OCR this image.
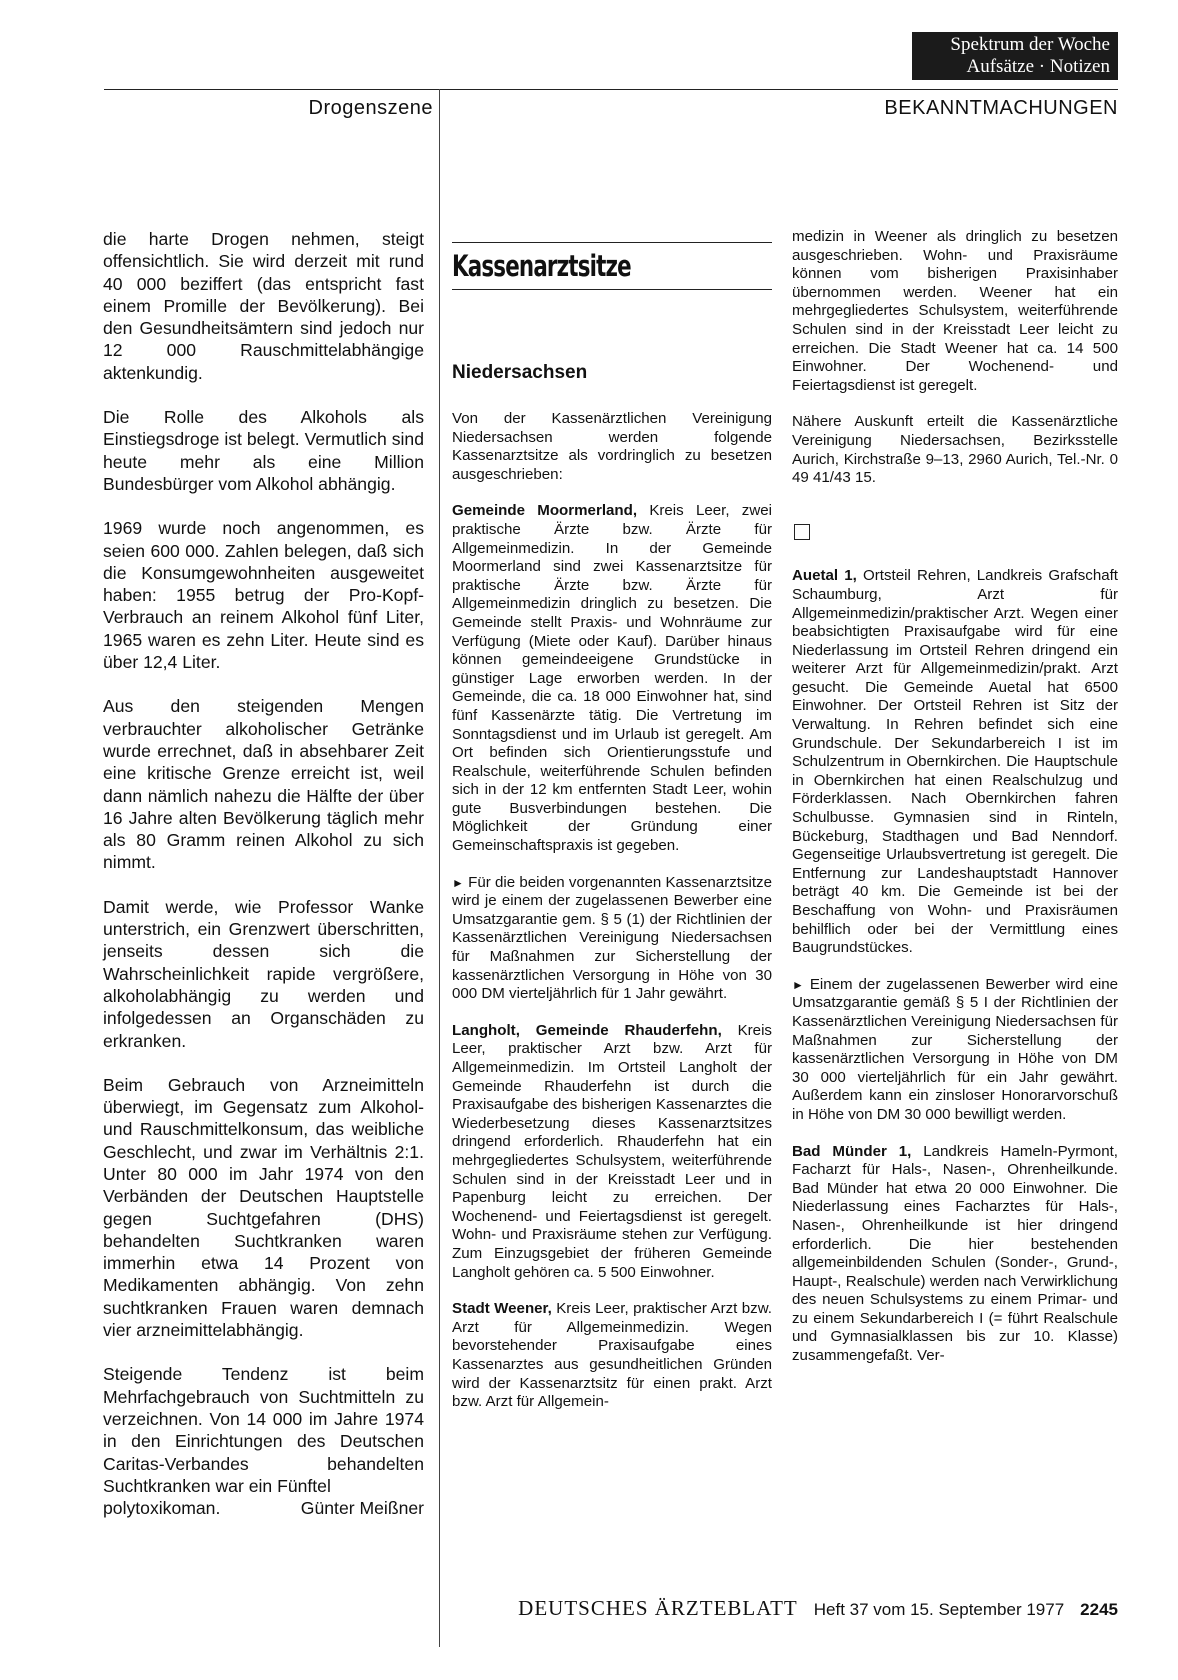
Spektrum der Woche
Aufsätze · Notizen
Drogenszene	BEKANNTMACHUNGEN

die harte Drogen nehmen, steigt offensichtlich. Sie wird derzeit mit rund 40 000 beziffert (das entspricht fast einem Promille der Bevölkerung). Bei den Gesundheitsämtern sind jedoch nur 12 000 Rauschmittelabhängige aktenkundig.

Die Rolle des Alkohols als Einstiegsdroge ist belegt. Vermutlich sind heute mehr als eine Million Bundesbürger vom Alkohol abhängig.

1969 wurde noch angenommen, es seien 600 000. Zahlen belegen, daß sich die Konsumgewohnheiten ausgeweitet haben: 1955 betrug der Pro-Kopf-Verbrauch an reinem Alkohol fünf Liter, 1965 waren es zehn Liter. Heute sind es über 12,4 Liter.

Aus den steigenden Mengen verbrauchter alkoholischer Getränke wurde errechnet, daß in absehbarer Zeit eine kritische Grenze erreicht ist, weil dann nämlich nahezu die Hälfte der über 16 Jahre alten Bevölkerung täglich mehr als 80 Gramm reinen Alkohol zu sich nimmt.

Damit werde, wie Professor Wanke unterstrich, ein Grenzwert überschritten, jenseits dessen sich die Wahrscheinlichkeit rapide vergrößere, alkoholabhängig zu werden und infolgedessen an Organschäden zu erkranken.

Beim Gebrauch von Arzneimitteln überwiegt, im Gegensatz zum Alkohol- und Rauschmittelkonsum, das weibliche Geschlecht, und zwar im Verhältnis 2:1. Unter 80 000 im Jahr 1974 von den Verbänden der Deutschen Hauptstelle gegen Suchtgefahren (DHS) behandelten Suchtkranken waren immerhin etwa 14 Prozent von Medikamenten abhängig. Von zehn suchtkranken Frauen waren demnach vier arzneimittelabhängig.

Steigende Tendenz ist beim Mehrfachgebrauch von Suchtmitteln zu verzeichnen. Von 14 000 im Jahre 1974 in den Einrichtungen des Deutschen Caritas-Verbandes behandelten Suchtkranken war ein Fünftel

polytoxikoman.	Günter Meißner
Kassenarztsitze
Niedersachsen

Von der Kassenärztlichen Vereinigung Niedersachsen werden folgende Kassenarztsitze als vordringlich zu besetzen ausgeschrieben:

Gemeinde Moormerland, Kreis Leer, zwei praktische Ärzte bzw. Ärzte für Allgemeinmedizin. In der Gemeinde Moormerland sind zwei Kassenarztsitze für praktische Ärzte bzw. Ärzte für Allgemeinmedizin dringlich zu besetzen. Die Gemeinde stellt Praxis- und Wohnräume zur Verfügung (Miete oder Kauf). Darüber hinaus können gemeindeeigene Grundstücke in günstiger Lage erworben werden. In der Gemeinde, die ca. 18 000 Einwohner hat, sind fünf Kassenärzte tätig. Die Vertretung im Sonntagsdienst und im Urlaub ist geregelt. Am Ort befinden sich Orientierungsstufe und Realschule, weiterführende Schulen befinden sich in der 12 km entfernten Stadt Leer, wohin gute Busverbindungen bestehen. Die Möglichkeit der Gründung einer Gemeinschaftspraxis ist gegeben.

► Für die beiden vorgenannten Kassenarztsitze wird je einem der zugelassenen Bewerber eine Umsatzgarantie gem. § 5 (1) der Richtlinien der Kassenärztlichen Vereinigung Niedersachsen für Maßnahmen zur Sicherstellung der kassenärztlichen Versorgung in Höhe von 30 000 DM vierteljährlich für 1 Jahr gewährt.

Langholt, Gemeinde Rhauderfehn, Kreis Leer, praktischer Arzt bzw. Arzt für Allgemeinmedizin. Im Ortsteil Langholt der Gemeinde Rhauderfehn ist durch die Praxisaufgabe des bisherigen Kassenarztes die Wiederbesetzung dieses Kassenarztsitzes dringend erforderlich. Rhauderfehn hat ein mehrgegliedertes Schulsystem, weiterführende Schulen sind in der Kreisstadt Leer und in Papenburg leicht zu erreichen. Der Wochenend- und Feiertagsdienst ist geregelt. Wohn- und Praxisräume stehen zur Verfügung. Zum Einzugsgebiet der früheren Gemeinde Langholt gehören ca. 5 500 Einwohner.

Stadt Weener, Kreis Leer, praktischer Arzt bzw. Arzt für Allgemeinmedizin. Wegen bevorstehender Praxisaufgabe eines Kassenarztes aus gesundheitlichen Gründen wird der Kassenarztsitz für einen prakt. Arzt bzw. Arzt für Allgemein-

medizin in Weener als dringlich zu besetzen ausgeschrieben. Wohn- und Praxisräume können vom bisherigen Praxisinhaber übernommen werden. Weener hat ein mehrgegliedertes Schulsystem, weiterführende Schulen sind in der Kreisstadt Leer leicht zu erreichen. Die Stadt Weener hat ca. 14 500 Einwohner. Der Wochenend- und Feiertagsdienst ist geregelt.

Nähere Auskunft erteilt die Kassenärztliche Vereinigung Niedersachsen, Bezirksstelle Aurich, Kirchstraße 9–13, 2960 Aurich, Tel.-Nr. 0 49 41/43 15.

Auetal 1, Ortsteil Rehren, Landkreis Grafschaft Schaumburg, Arzt für Allgemeinmedizin/praktischer Arzt. Wegen einer beabsichtigten Praxisaufgabe wird für eine Niederlassung im Ortsteil Rehren dringend ein weiterer Arzt für Allgemeinmedizin/prakt. Arzt gesucht. Die Gemeinde Auetal hat 6500 Einwohner. Der Ortsteil Rehren ist Sitz der Verwaltung. In Rehren befindet sich eine Grundschule. Der Sekundarbereich I ist im Schulzentrum in Obernkirchen. Die Hauptschule in Obernkirchen hat einen Realschulzug und Förderklassen. Nach Obernkirchen fahren Schulbusse. Gymnasien sind in Rinteln, Bückeburg, Stadthagen und Bad Nenndorf. Gegenseitige Urlaubsvertretung ist geregelt. Die Entfernung zur Landeshauptstadt Hannover beträgt 40 km. Die Gemeinde ist bei der Beschaffung von Wohn- und Praxisräumen behilflich oder bei der Vermittlung eines Baugrundstückes.

► Einem der zugelassenen Bewerber wird eine Umsatzgarantie gemäß § 5 I der Richtlinien der Kassenärztlichen Vereinigung Niedersachsen für Maßnahmen zur Sicherstellung der kassenärztlichen Versorgung in Höhe von DM 30 000 vierteljährlich für ein Jahr gewährt. Außerdem kann ein zinsloser Honorarvorschuß in Höhe von DM 30 000 bewilligt werden.

Bad Münder 1, Landkreis Hameln-Pyrmont, Facharzt für Hals-, Nasen-, Ohrenheilkunde. Bad Münder hat etwa 20 000 Einwohner. Die Niederlassung eines Facharztes für Hals-, Nasen-, Ohrenheilkunde ist hier dringend erforderlich. Die hier bestehenden allgemeinbildenden Schulen (Sonder-, Grund-, Haupt-, Realschule) werden nach Verwirklichung des neuen Schulsystems zu einem Primar- und zu einem Sekundarbereich I (= führt Realschule und Gymnasialklassen bis zur 10. Klasse) zusammengefaßt. Ver-

DEUTSCHES ÄRZTEBLATT Heft 37 vom 15. September 1977 2245
